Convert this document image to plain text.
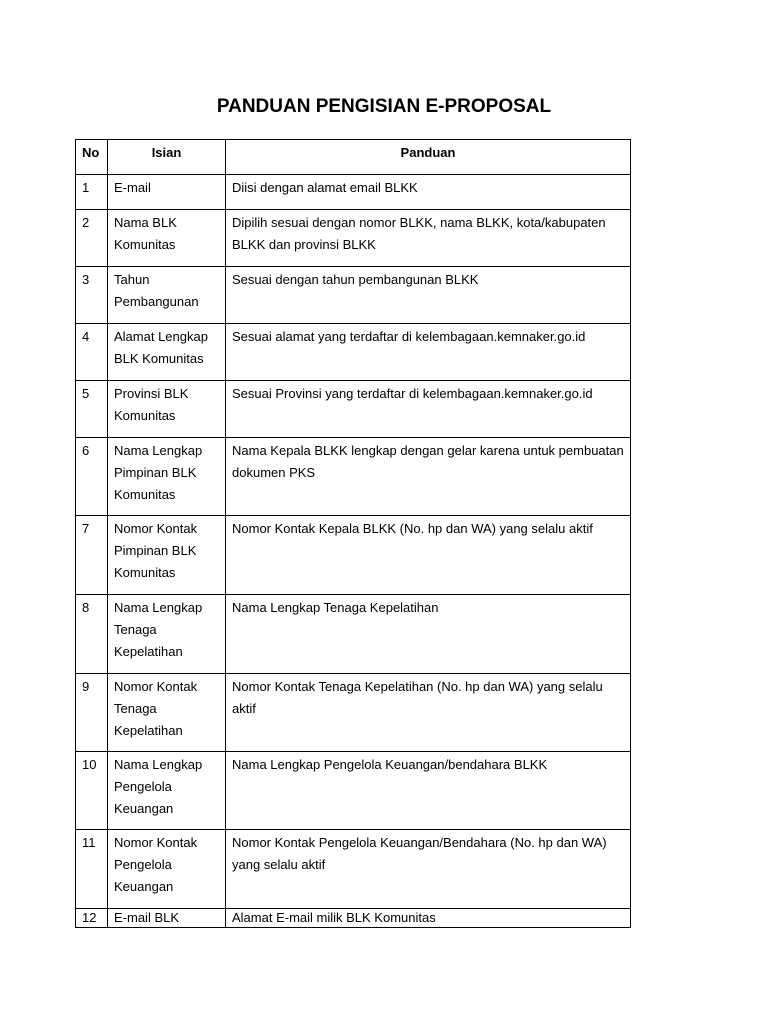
PANDUAN PENGISIAN E-PROPOSAL
No	Isian	Panduan
1	E-mail	Diisi dengan alamat email BLKK
2	Nama BLK Komunitas	Dipilih sesuai dengan nomor BLKK, nama BLKK, kota/kabupaten BLKK dan provinsi BLKK
3	Tahun Pembangunan	Sesuai dengan tahun pembangunan BLKK
4	Alamat Lengkap BLK Komunitas	Sesuai alamat yang terdaftar di kelembagaan.kemnaker.go.id
5	Provinsi BLK Komunitas	Sesuai Provinsi yang terdaftar di kelembagaan.kemnaker.go.id
6	Nama Lengkap Pimpinan BLK Komunitas	Nama Kepala BLKK lengkap dengan gelar karena untuk pembuatan dokumen PKS
7	Nomor Kontak Pimpinan BLK Komunitas	Nomor Kontak Kepala BLKK (No. hp dan WA) yang selalu aktif
8	Nama Lengkap Tenaga Kepelatihan	Nama Lengkap Tenaga Kepelatihan
9	Nomor Kontak Tenaga Kepelatihan	Nomor Kontak Tenaga Kepelatihan (No. hp dan WA) yang selalu aktif
10	Nama Lengkap Pengelola Keuangan	Nama Lengkap Pengelola Keuangan/bendahara BLKK
11	Nomor Kontak Pengelola Keuangan	Nomor Kontak Pengelola Keuangan/Bendahara (No. hp dan WA) yang selalu aktif
12	E-mail BLK	Alamat E-mail milik BLK Komunitas
